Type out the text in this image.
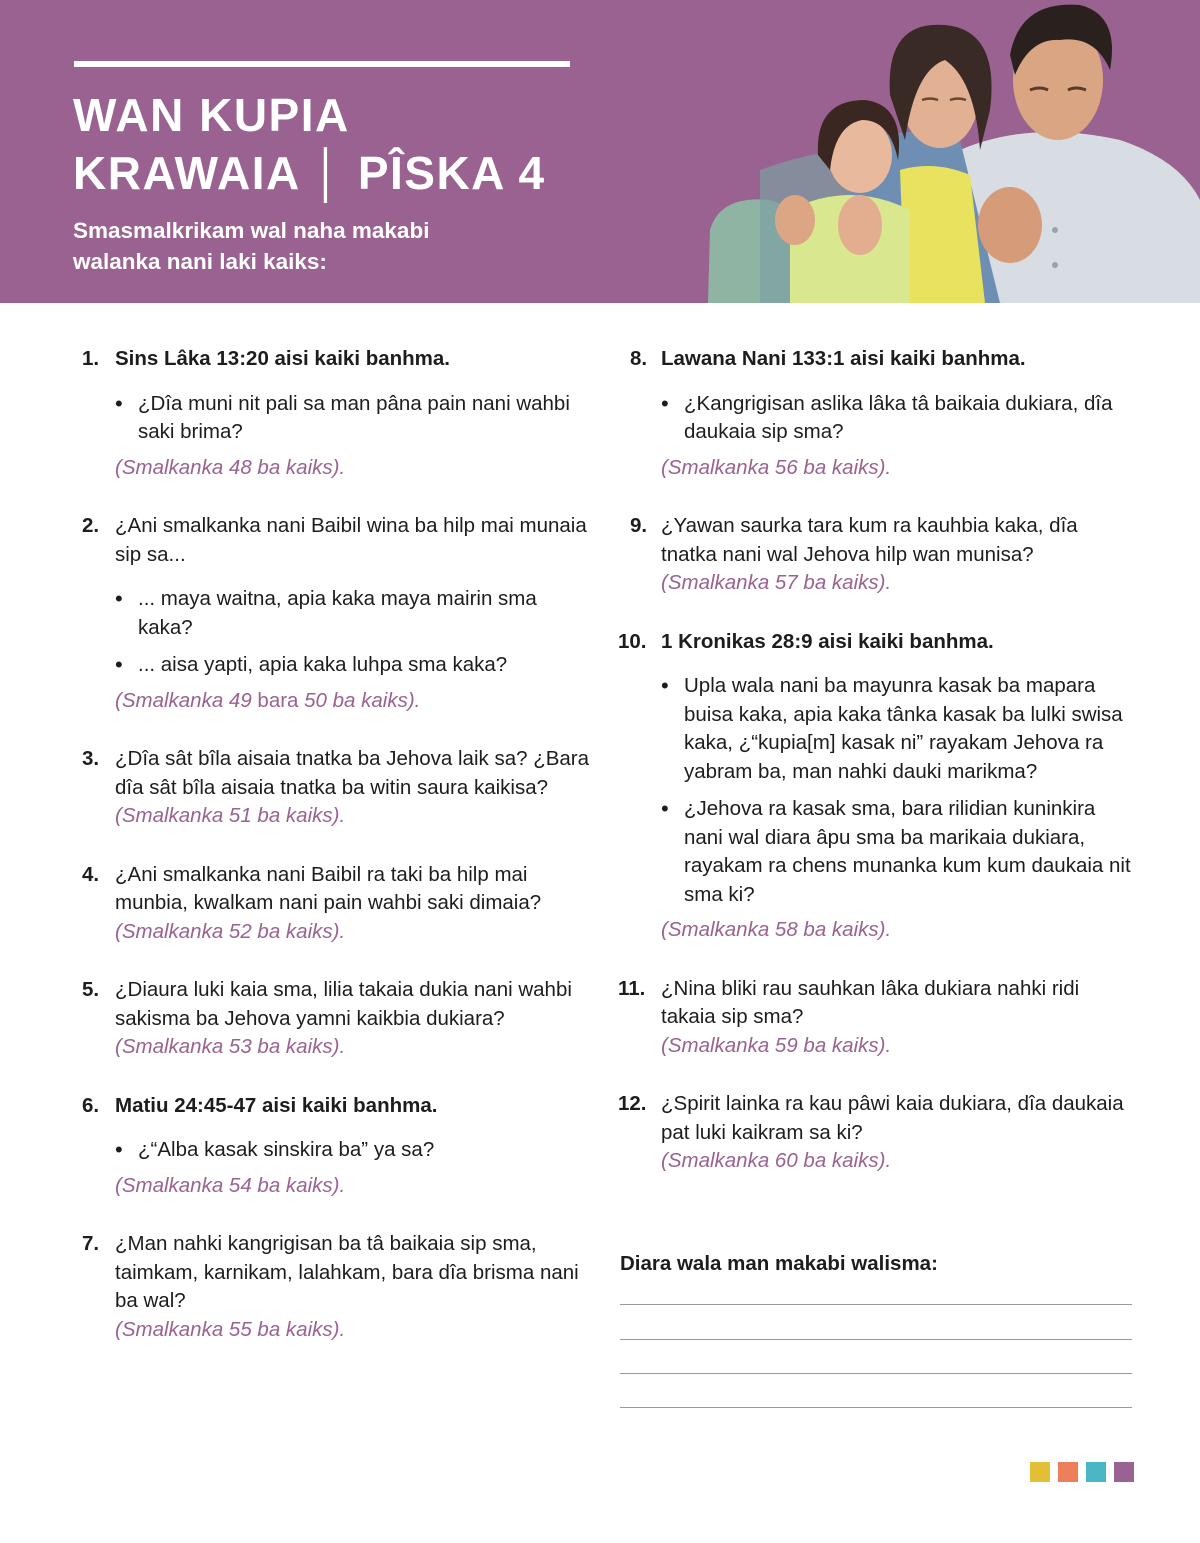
WAN KUPIA
KRAWAIA │ PÎSKA 4
Smasmalkrikam wal naha makabi
walanka nani laki kaiks:
1. Sins Lâka 13:20 aisi kaiki banhma.
• ¿Dîa muni nit pali sa man pâna pain nani wahbi saki brima?
(Smalkanka 48 ba kaiks).
2. ¿Ani smalkanka nani Baibil wina ba hilp mai munaia sip sa...
• ... maya waitna, apia kaka maya mairin sma kaka?
• ... aisa yapti, apia kaka luhpa sma kaka?
(Smalkanka 49 bara 50 ba kaiks).
3. ¿Dîa sât bîla aisaia tnatka ba Jehova laik sa? ¿Bara dîa sât bîla aisaia tnatka ba witin saura kaikisa?
(Smalkanka 51 ba kaiks).
4. ¿Ani smalkanka nani Baibil ra taki ba hilp mai munbia, kwalkam nani pain wahbi saki dimaia?
(Smalkanka 52 ba kaiks).
5. ¿Diaura luki kaia sma, lilia takaia dukia nani wahbi sakisma ba Jehova yamni kaikbia dukiara?
(Smalkanka 53 ba kaiks).
6. Matiu 24:45-47 aisi kaiki banhma.
• ¿“Alba kasak sinskira ba” ya sa?
(Smalkanka 54 ba kaiks).
7. ¿Man nahki kangrigisan ba tâ baikaia sip sma, taimkam, karnikam, lalahkam, bara dîa brisma nani ba wal?
(Smalkanka 55 ba kaiks).
8. Lawana Nani 133:1 aisi kaiki banhma.
• ¿Kangrigisan aslika lâka tâ baikaia dukiara, dîa daukaia sip sma?
(Smalkanka 56 ba kaiks).
9. ¿Yawan saurka tara kum ra kauhbia kaka, dîa tnatka nani wal Jehova hilp wan munisa?
(Smalkanka 57 ba kaiks).
10. 1 Kronikas 28:9 aisi kaiki banhma.
• Upla wala nani ba mayunra kasak ba mapara buisa kaka, apia kaka tânka kasak ba lulki swisa kaka, ¿“kupia[m] kasak ni” rayakam Jehova ra yabram ba, man nahki dauki marikma?
• ¿Jehova ra kasak sma, bara rilidian kuninkira nani wal diara âpu sma ba marikaia dukiara, rayakam ra chens munanka kum kum daukaia nit sma ki?
(Smalkanka 58 ba kaiks).
11. ¿Nina bliki rau sauhkan lâka dukiara nahki ridi takaia sip sma?
(Smalkanka 59 ba kaiks).
12. ¿Spirit lainka ra kau pâwi kaia dukiara, dîa daukaia pat luki kaikram sa ki?
(Smalkanka 60 ba kaiks).
Diara wala man makabi walisma:
